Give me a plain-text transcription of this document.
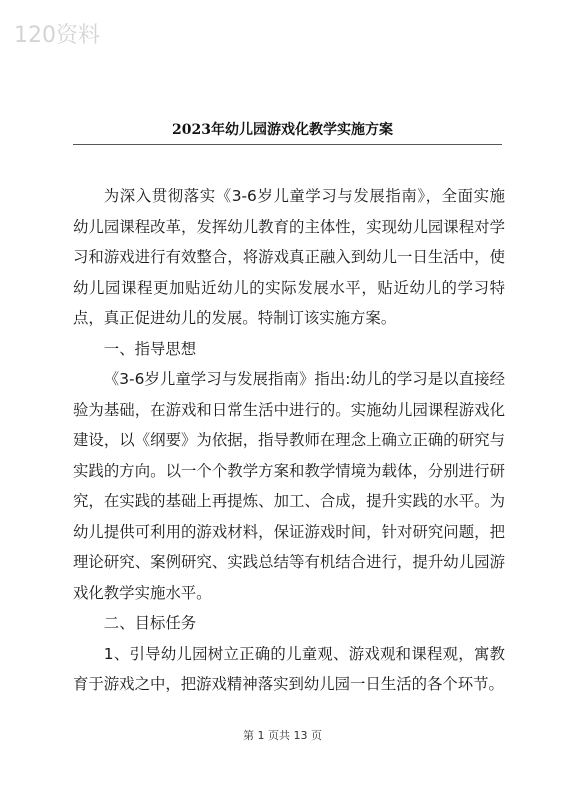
120资料
2023年幼儿园游戏化教学实施方案

为深入贯彻落实《3-6岁儿童学习与发展指南》，全面实施幼儿园课程改革，发挥幼儿教育的主体性，实现幼儿园课程对学习和游戏进行有效整合，将游戏真正融入到幼儿一日生活中，使幼儿园课程更加贴近幼儿的实际发展水平，贴近幼儿的学习特点，真正促进幼儿的发展。特制订该实施方案。

一、指导思想

《3-6岁儿童学习与发展指南》指出:幼儿的学习是以直接经验为基础，在游戏和日常生活中进行的。实施幼儿园课程游戏化建设，以《纲要》为依据，指导教师在理念上确立正确的研究与实践的方向。以一个个教学方案和教学情境为载体，分别进行研究，在实践的基础上再提炼、加工、合成，提升实践的水平。为幼儿提供可利用的游戏材料，保证游戏时间，针对研究问题，把理论研究、案例研究、实践总结等有机结合进行，提升幼儿园游戏化教学实施水平。

二、目标任务

1、引导幼儿园树立正确的儿童观、游戏观和课程观，寓教育于游戏之中，把游戏精神落实到幼儿园一日生活的各个环节。

第 1 页共 13 页
